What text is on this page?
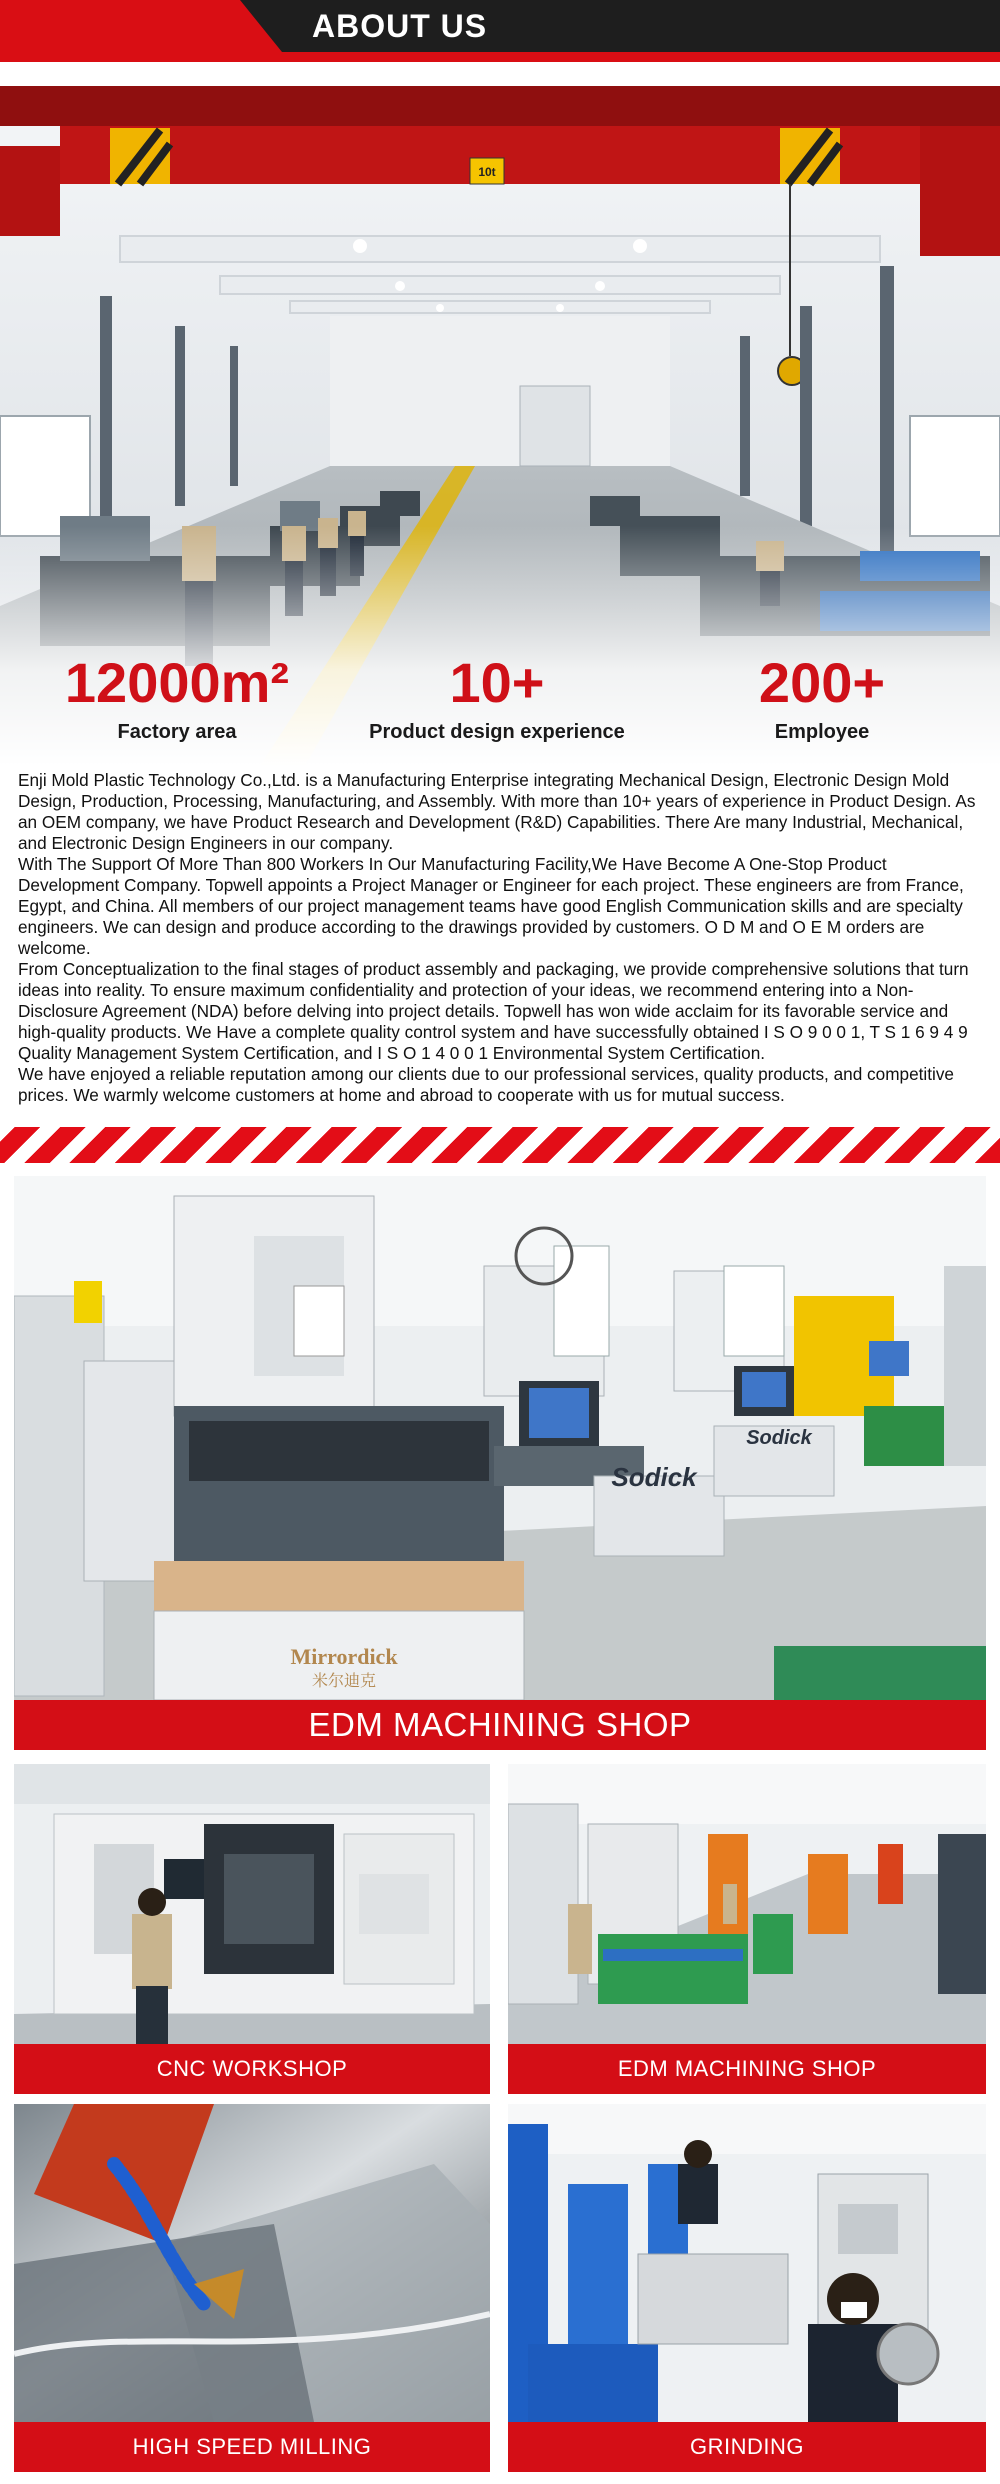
ABOUT US
10t
12000m²
Factory area
10+
Product design experience
200+
Employee

Enji Mold Plastic Technology Co.,Ltd. is a Manufacturing Enterprise integrating Mechanical Design, Electronic Design Mold Design, Production, Processing, Manufacturing, and Assembly. With more than 10+ years of experience in Product Design. As an OEM company, we have Product Research and Development (R&D) Capabilities. There Are many Industrial, Mechanical, and Electronic Design Engineers in our company.

With The Support Of More Than 800 Workers In Our Manufacturing Facility,We Have Become A One-Stop Product Development Company. Topwell appoints a Project Manager or Engineer for each project. These engineers are from France, Egypt, and China. All members of our project management teams have good English Communication skills and are specialty engineers. We can design and produce according to the drawings provided by customers. O D M and O E M orders are welcome.

From Conceptualization to the final stages of product assembly and packaging, we provide comprehensive solutions that turn ideas into reality. To ensure maximum confidentiality and protection of your ideas, we recommend entering into a Non-Disclosure Agreement (NDA) before delving into project details. Topwell has won wide acclaim for its favorable service and high-quality products. We Have a complete quality control system and have successfully obtained I S O 9 0 0 1, T S 1 6 9 4 9 Quality Management System Certification, and I S O 1 4 0 0 1 Environmental System Certification.

We have enjoyed a reliable reputation among our clients due to our professional services, quality products, and competitive prices. We warmly welcome customers at home and abroad to cooperate with us for mutual success.

Mirrordick
米尔迪克
Sodick
Sodick
EDM MACHINING SHOP
CNC WORKSHOP	EDM MACHINING SHOP
HIGH SPEED MILLING	GRINDING
